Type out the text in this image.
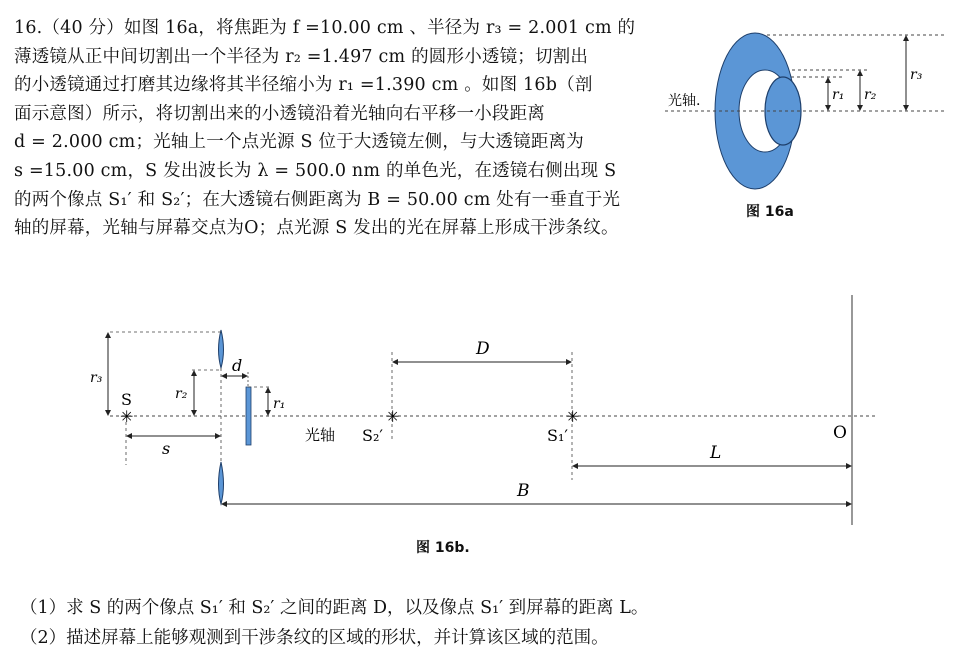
16.（40 分）如图 16a，将焦距为 f =10.00 cm 、半径为 r₃ = 2.001 cm 的
薄透镜从正中间切割出一个半径为 r₂ =1.497 cm 的圆形小透镜；切割出
的小透镜通过打磨其边缘将其半径缩小为 r₁ =1.390 cm 。如图 16b（剖
面示意图）所示，将切割出来的小透镜沿着光轴向右平移一小段距离
d = 2.000 cm；光轴上一个点光源 S 位于大透镜左侧，与大透镜距离为
s =15.00 cm，S 发出波长为 λ = 500.0 nm 的单色光，在透镜右侧出现 S
的两个像点 S₁′ 和 S₂′；在大透镜右侧距离为 B = 50.00 cm 处有一垂直于光
轴的屏幕，光轴与屏幕交点为O；点光源 S 发出的光在屏幕上形成干涉条纹。
光轴.	r₁ r₂
r₃
图 16a
光轴
r₃
r₂
r₁
d
✳
S
s
✳
S₂′
✳
S₁′
D
O
L
B
图 16b.
（1）求 S 的两个像点 S₁′ 和 S₂′ 之间的距离 D，以及像点 S₁′ 到屏幕的距离 L。
（2）描述屏幕上能够观测到干涉条纹的区域的形状，并计算该区域的范围。
